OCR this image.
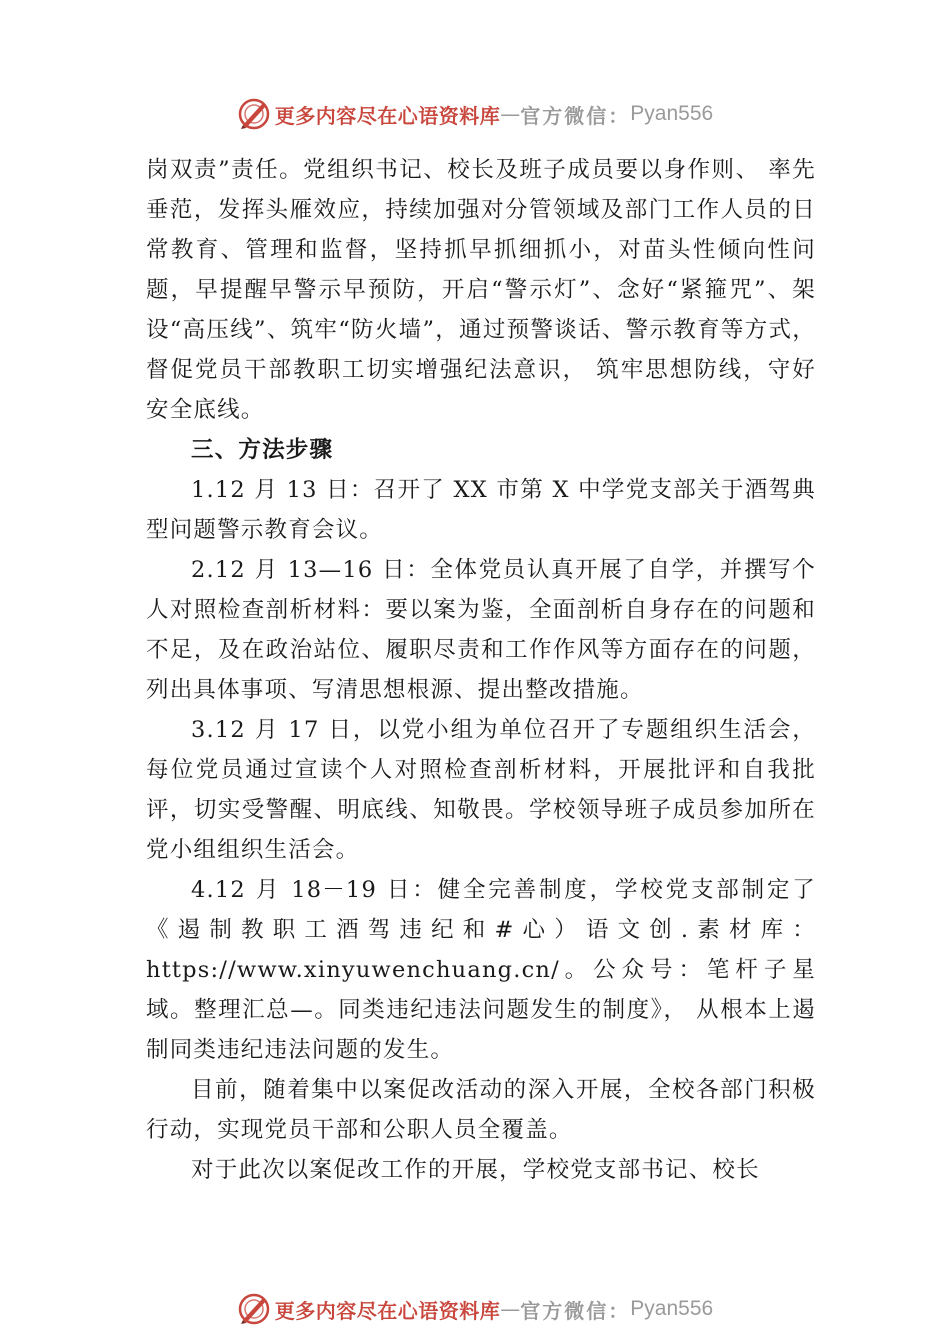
更多内容尽在心语资料库 — 官方微信： Pyan556

岗双责”责任。党组织书记、校长及班子成员要以身作则、 率先垂范，发挥头雁效应，持续加强对分管领域及部门工作人员的日常教育、管理和监督，坚持抓早抓细抓小，对苗头性倾向性问题，早提醒早警示早预防，开启“警示灯”、念好“紧箍咒”、架设“高压线”、筑牢“防火墙”，通过预警谈话、警示教育等方式，督促党员干部教职工切实增强纪法意识， 筑牢思想防线，守好安全底线。

三、方法步骤

1.12 月 13 日：召开了 XX 市第 X 中学党支部关于酒驾典型问题警示教育会议。

2.12 月 13—16 日：全体党员认真开展了自学，并撰写个人对照检查剖析材料：要以案为鉴，全面剖析自身存在的问题和不足，及在政治站位、履职尽责和工作作风等方面存在的问题，列出具体事项、写清思想根源、提出整改措施。

3.12 月 17 日，以党小组为单位召开了专题组织生活会，每位党员通过宣读个人对照检查剖析材料，开展批评和自我批评，切实受警醒、明底线、知敬畏。学校领导班子成员参加所在党小组组织生活会。

4.12 月 18－19 日：健全完善制度，学校党支部制定了《遏制教职工酒驾违纪和#心）语文创.素材库：https://www.xinyuwenchuang.cn/。公众号：笔杆子星域。整理汇总—。同类违纪违法问题发生的制度》， 从根本上遏制同类违纪违法问题的发生。

目前，随着集中以案促改活动的深入开展，全校各部门积极行动，实现党员干部和公职人员全覆盖。

对于此次以案促改工作的开展，学校党支部书记、校长

更多内容尽在心语资料库 — 官方微信： Pyan556
